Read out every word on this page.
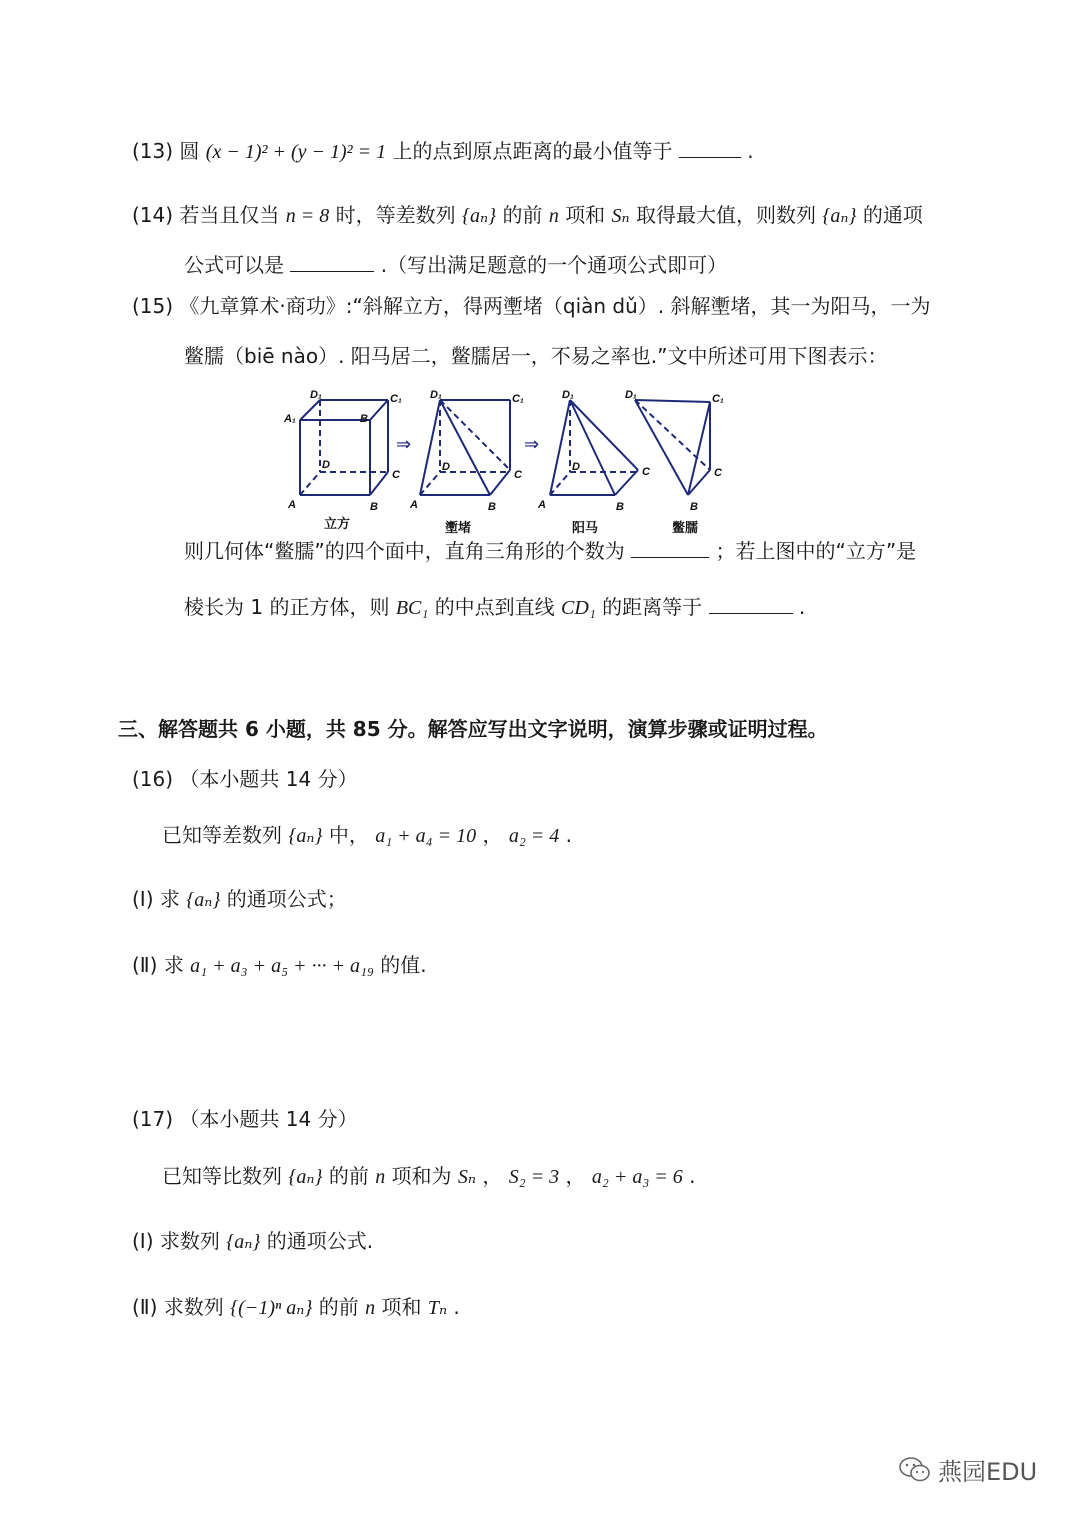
(13) 圆 (x − 1)² + (y − 1)² = 1 上的点到原点距离的最小值等于	.
(14) 若当且仅当 n = 8 时，等差数列 {aₙ} 的前 n 项和 Sₙ 取得最大值，则数列 {aₙ} 的通项
公式可以是	.（写出满足题意的一个通项公式即可）
(15) 《九章算术·商功》:“斜解立方，得两壍堵（qiàn dǔ）. 斜解壍堵，其一为阳马，一为
鳖臑（biē nào）. 阳马居二，鳖臑居一，不易之率也.”文中所述可用下图表示：
⇒	⇒
D₁	C₁
A₁	B
D
C
A	B
D₁	C₁
D
C
A	B
D₁
D	C
A	B
D₁	C₁
C
B
立方	壍堵	阳马	鳖臑
则几何体“鳖臑”的四个面中，直角三角形的个数为	；若上图中的“立方”是
棱长为 1 的正方体，则 BC₁ 的中点到直线 CD₁ 的距离等于	.
三、解答题共 6 小题，共 85 分。解答应写出文字说明，演算步骤或证明过程。
(16) （本小题共 14 分）
已知等差数列 {aₙ} 中， a₁ + a₄ = 10 ， a₂ = 4 .
(Ⅰ) 求 {aₙ} 的通项公式；
(Ⅱ) 求 a₁ + a₃ + a₅ + ··· + a₁₉ 的值.
(17) （本小题共 14 分）
已知等比数列 {aₙ} 的前 n 项和为 Sₙ ， S₂ = 3 ， a₂ + a₃ = 6 .
(Ⅰ) 求数列 {aₙ} 的通项公式.
(Ⅱ) 求数列 {(−1)ⁿ aₙ} 的前 n 项和 Tₙ .
燕园EDU
